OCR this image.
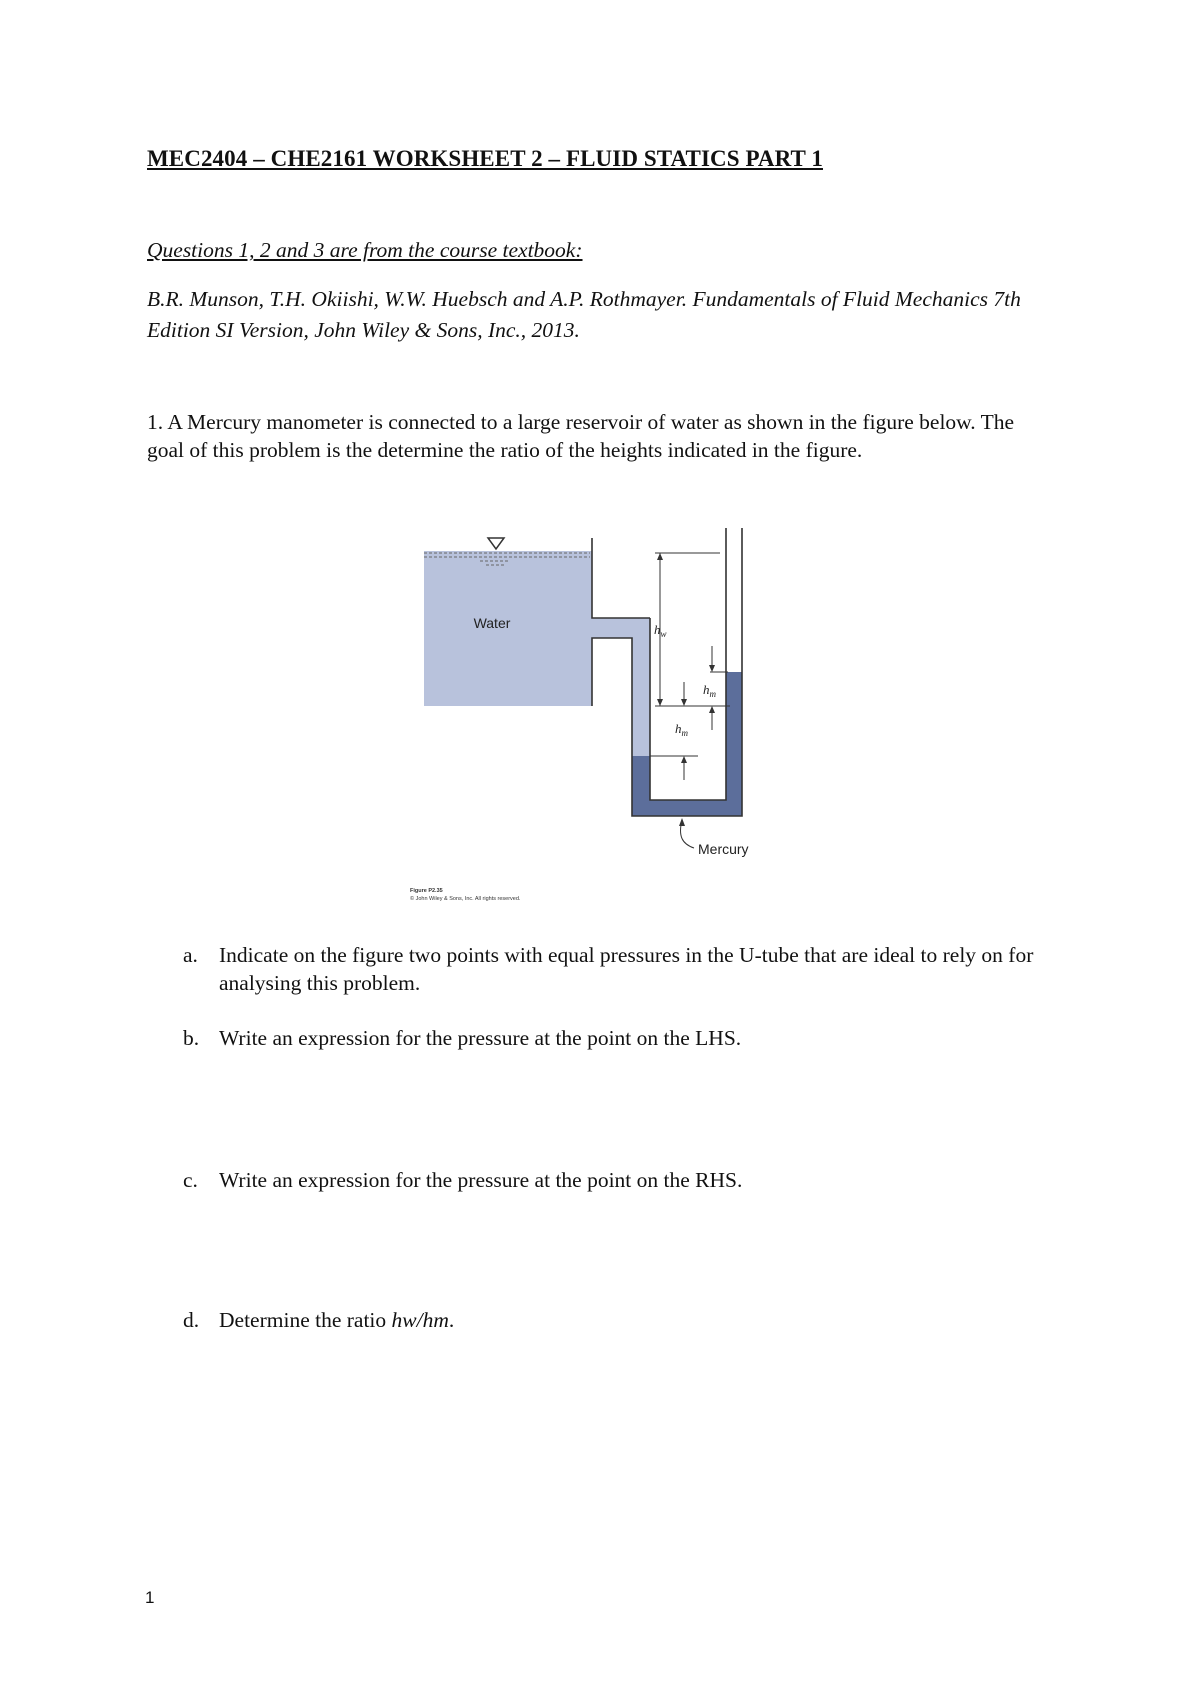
MEC2404 – CHE2161 WORKSHEET 2 – FLUID STATICS PART 1
Questions 1, 2 and 3 are from the course textbook:
B.R. Munson, T.H. Okiishi, W.W. Huebsch and A.P. Rothmayer. Fundamentals of Fluid Mechanics 7th Edition SI Version, John Wiley & Sons, Inc., 2013.
1. A Mercury manometer is connected to a large reservoir of water as shown in the figure below. The goal of this problem is the determine the ratio of the heights indicated in the figure.
Water
Mercury
$h_w$
$h_m$
$h_m$
Figure P2.35
© John Wiley & Sons, Inc. All rights reserved.
a. Indicate on the figure two points with equal pressures in the U-tube that are ideal to rely on for analysing this problem.
b. Write an expression for the pressure at the point on the LHS.
c. Write an expression for the pressure at the point on the RHS.
d. Determine the ratio hw/hm.
1
